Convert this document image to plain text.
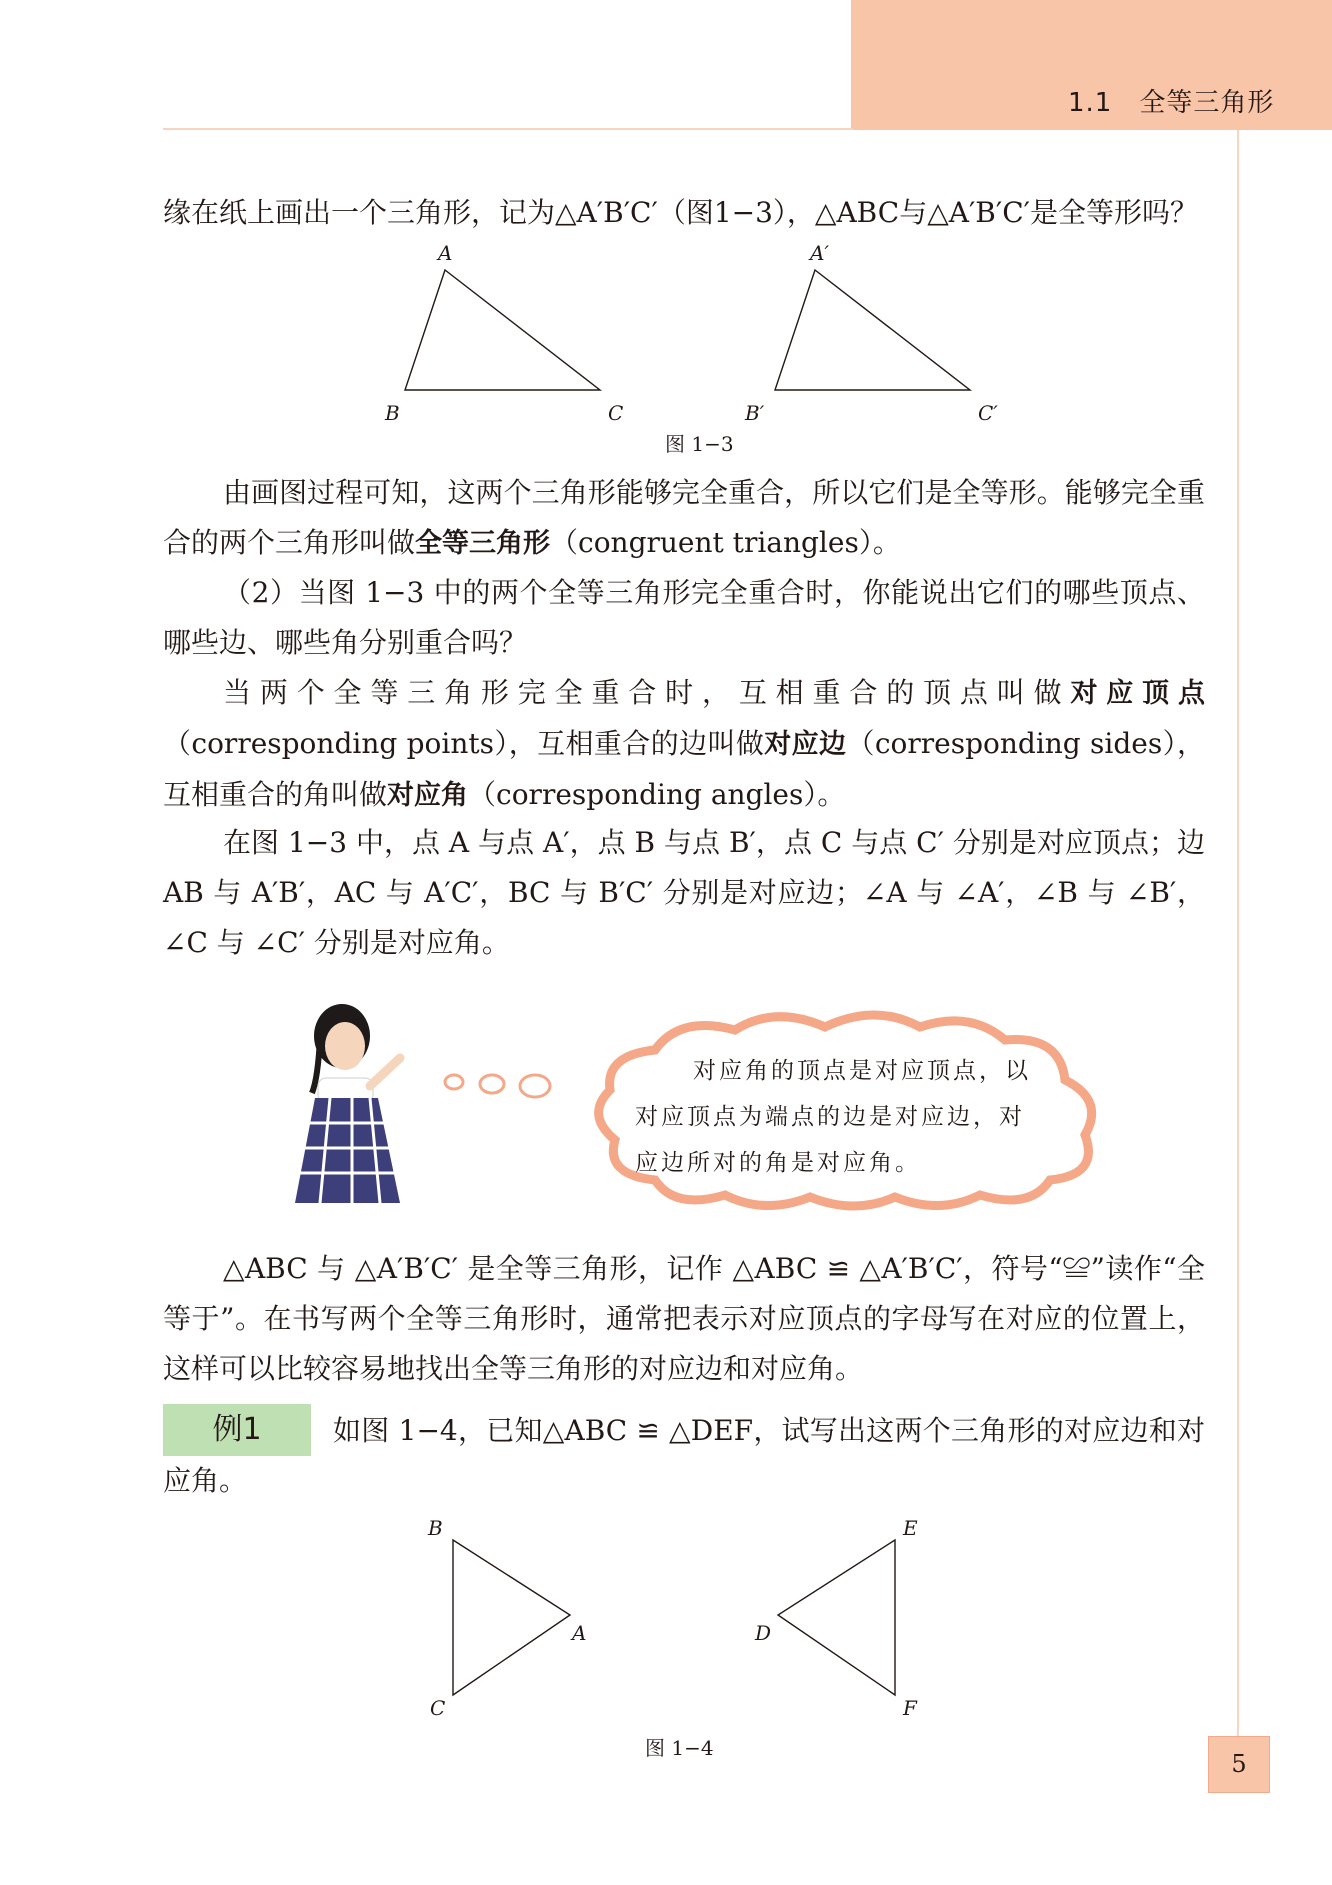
1.1　全等三角形

缘在纸上画出一个三角形，记为△A′B′C′（图1−3），△ABC与△A′B′C′是全等形吗？

A
B	C
A′
B′	C′
图 1−3

由画图过程可知，这两个三角形能够完全重合，所以它们是全等形。能够完全重合的两个三角形叫做全等三角形（congruent triangles）。

（2）当图 1−3 中的两个全等三角形完全重合时，你能说出它们的哪些顶点、哪些边、哪些角分别重合吗？

当两个全等三角形完全重合时，互相重合的顶点叫做对应顶点（corresponding points），互相重合的边叫做对应边（corresponding sides），互相重合的角叫做对应角（corresponding angles）。

在图 1−3 中，点 A 与点 A′，点 B 与点 B′，点 C 与点 C′ 分别是对应顶点；边 AB 与 A′B′，AC 与 A′C′，BC 与 B′C′ 分别是对应边；∠A 与 ∠A′，∠B 与 ∠B′，∠C 与 ∠C′ 分别是对应角。

对应角的顶点是对应顶点，以
对应顶点为端点的边是对应边，对
应边所对的角是对应角。

△ABC 与 △A′B′C′ 是全等三角形，记作 △ABC ≌ △A′B′C′，符号“≌”读作“全等于”。在书写两个全等三角形时，通常把表示对应顶点的字母写在对应的位置上，这样可以比较容易地找出全等三角形的对应边和对应角。

例1	如图 1−4，已知△ABC ≌ △DEF，试写出这两个三角形的对应边和对应角。

B
A
C
E
D
F
图 1−4
5
